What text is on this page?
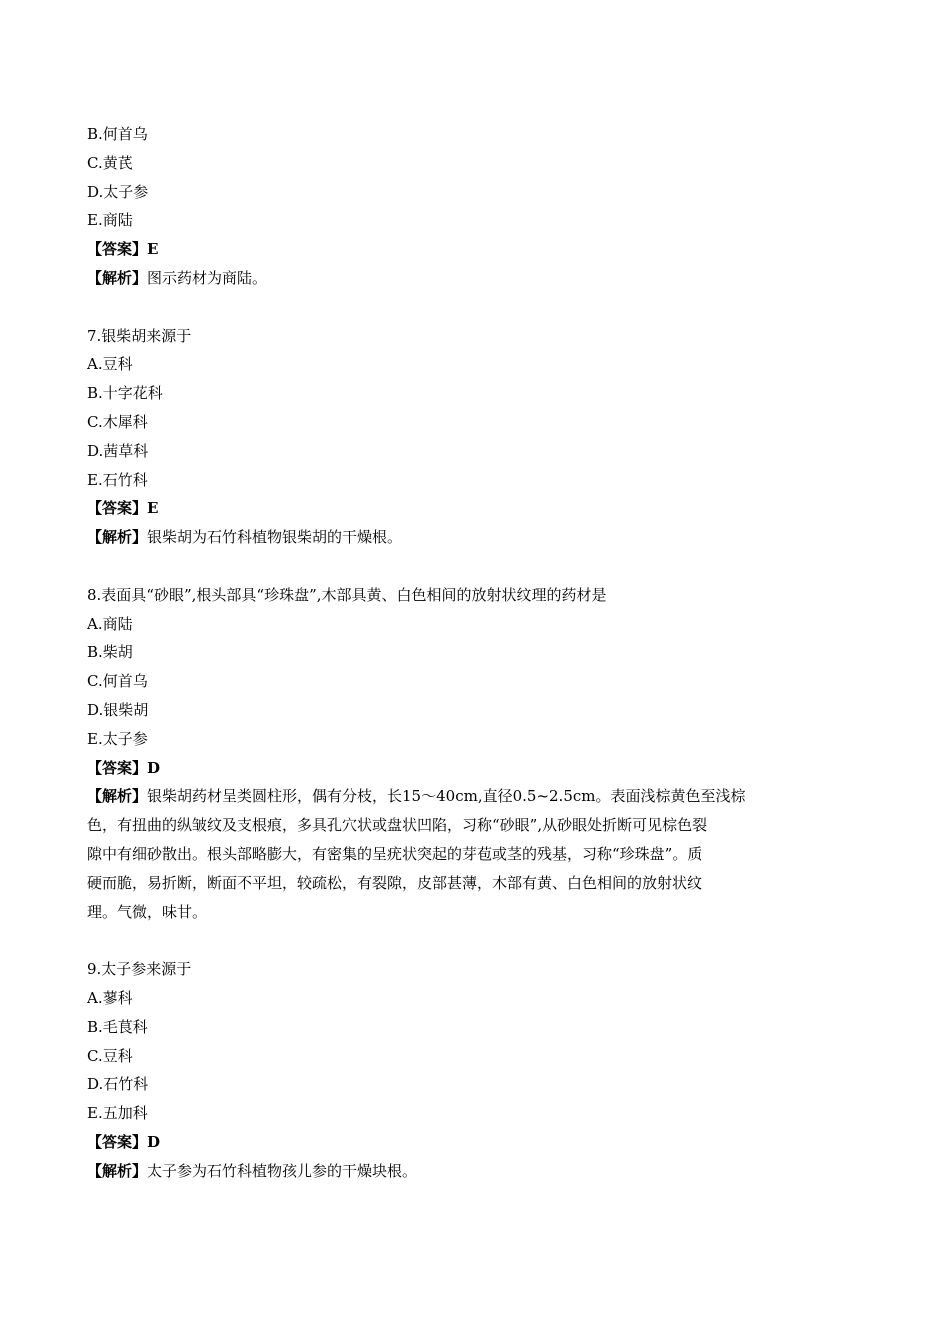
B.何首乌
C.黄芪
D.太子参
E.商陆
【答案】E
【解析】图示药材为商陆。
7.银柴胡来源于
A.豆科
B.十字花科
C.木犀科
D.茜草科
E.石竹科
【答案】E
【解析】银柴胡为石竹科植物银柴胡的干燥根。
8.表面具“砂眼”,根头部具“珍珠盘”,木部具黄、白色相间的放射状纹理的药材是
A.商陆
B.柴胡
C.何首乌
D.银柴胡
E.太子参
【答案】D
【解析】银柴胡药材呈类圆柱形，偶有分枝，长15～40cm,直径0.5~2.5cm。表面浅棕黄色至浅棕
色，有扭曲的纵皱纹及支根痕，多具孔穴状或盘状凹陷，习称“砂眼”,从砂眼处折断可见棕色裂
隙中有细砂散出。根头部略膨大，有密集的呈疣状突起的芽苞或茎的残基，习称“珍珠盘”。质
硬而脆，易折断，断面不平坦，较疏松，有裂隙，皮部甚薄，木部有黄、白色相间的放射状纹
理。气微，味甘。
9.太子参来源于
A.蓼科
B.毛茛科
C.豆科
D.石竹科
E.五加科
【答案】D
【解析】太子参为石竹科植物孩儿参的干燥块根。
